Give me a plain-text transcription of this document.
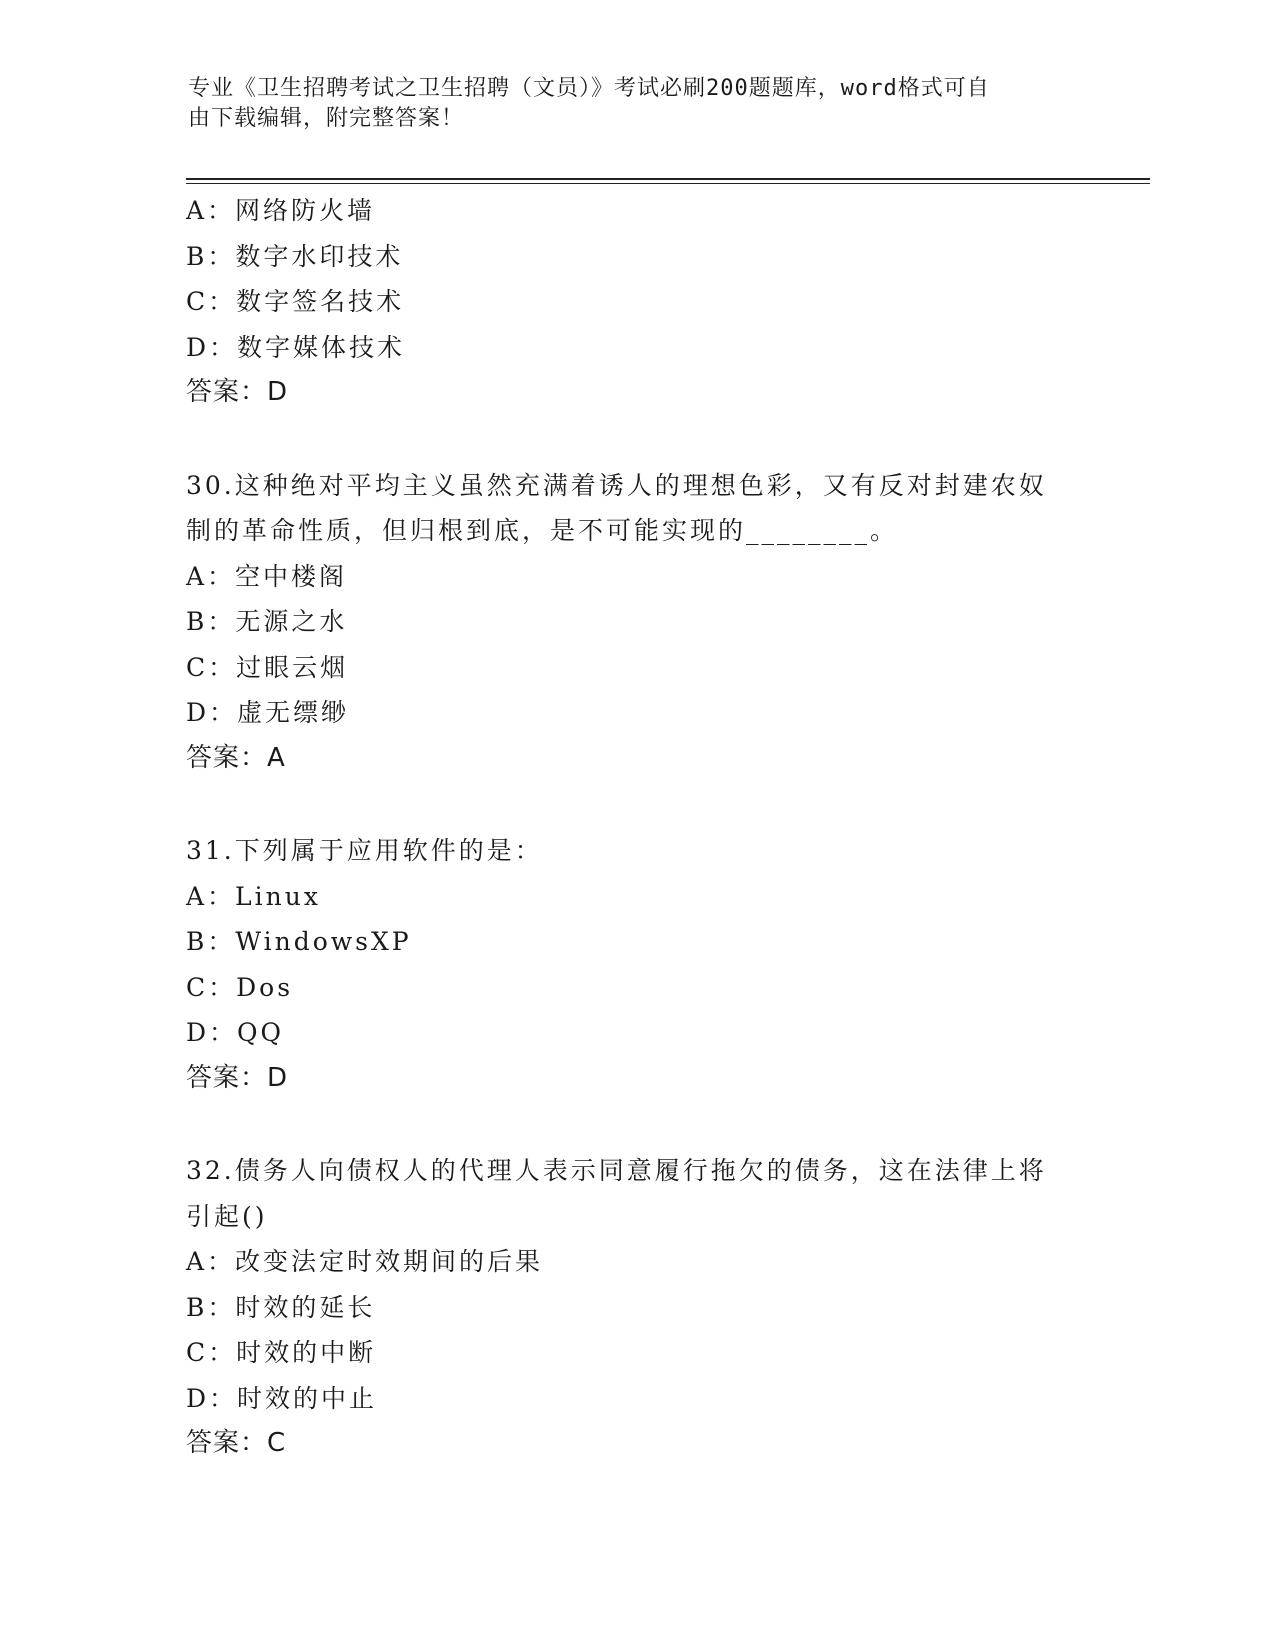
专业《卫生招聘考试之卫生招聘（文员）》考试必刷200题题库，word格式可自
由下载编辑，附完整答案！
A：网络防火墙
B：数字水印技术
C：数字签名技术
D：数字媒体技术
答案：D
30.这种绝对平均主义虽然充满着诱人的理想色彩，又有反对封建农奴
制的革命性质，但归根到底，是不可能实现的________。
A：空中楼阁
B：无源之水
C：过眼云烟
D：虚无缥缈
答案：A
31.下列属于应用软件的是：
A：Linux
B：WindowsXP
C：Dos
D：QQ
答案：D
32.债务人向债权人的代理人表示同意履行拖欠的债务，这在法律上将
引起()
A：改变法定时效期间的后果
B：时效的延长
C：时效的中断
D：时效的中止
答案：C
